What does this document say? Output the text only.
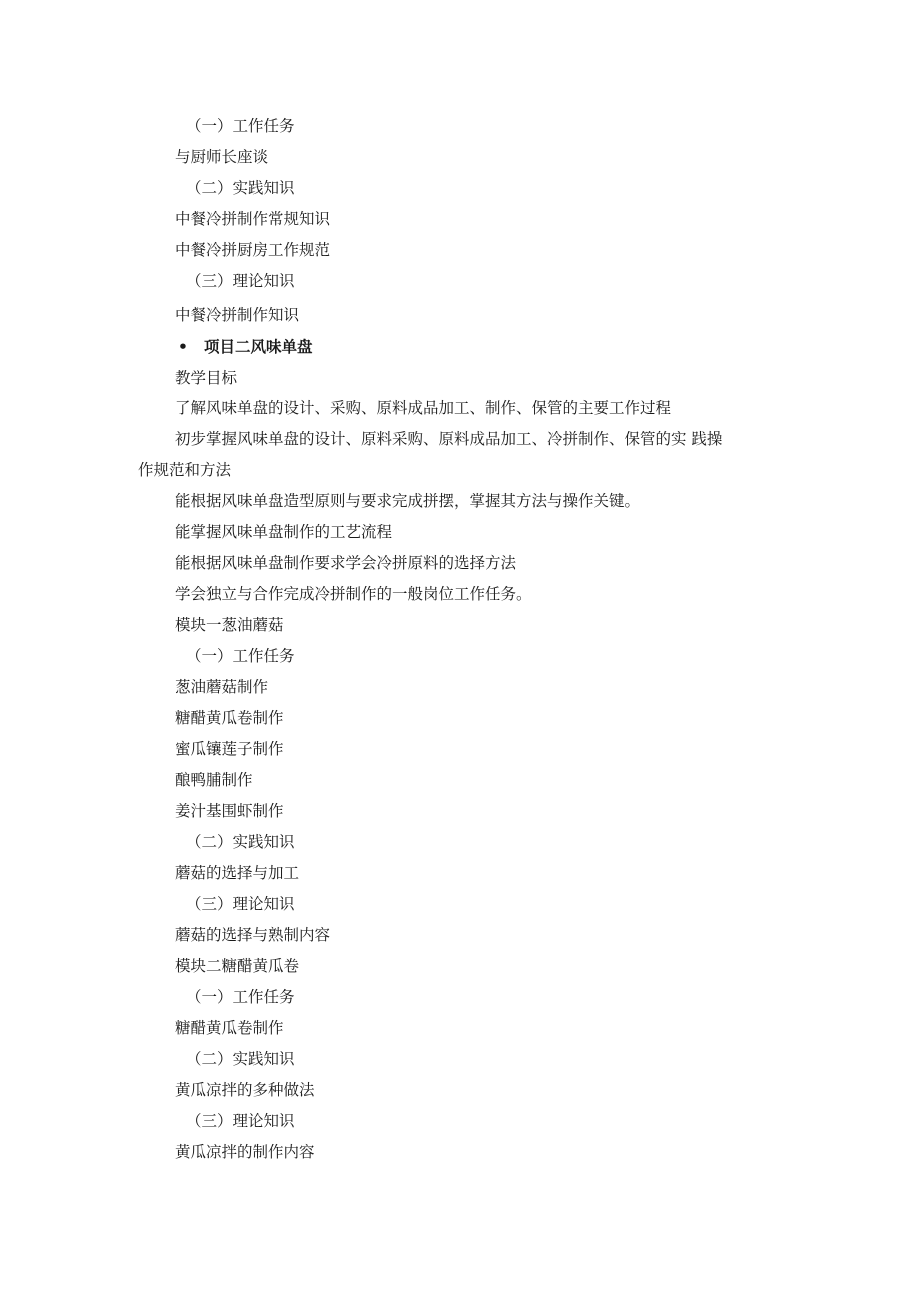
（一）工作任务
与厨师长座谈
（二）实践知识
中餐冷拼制作常规知识
中餐冷拼厨房工作规范
（三）理论知识
中餐冷拼制作知识
• 项目二风味单盘
教学目标
了解风味单盘的设计、采购、原料成品加工、制作、保管的主要工作过程
初步掌握风味单盘的设计、原料采购、原料成品加工、冷拼制作、保管的实 践操
作规范和方法
能根据风味单盘造型原则与要求完成拼摆，掌握其方法与操作关键。
能掌握风味单盘制作的工艺流程
能根据风味单盘制作要求学会冷拼原料的选择方法
学会独立与合作完成冷拼制作的一般岗位工作任务。
模块一葱油蘑菇
（一）工作任务
葱油蘑菇制作
糖醋黄瓜卷制作
蜜瓜镶莲子制作
酿鸭脯制作
姜汁基围虾制作
（二）实践知识
蘑菇的选择与加工
（三）理论知识
蘑菇的选择与熟制内容
模块二糖醋黄瓜卷
（一）工作任务
糖醋黄瓜卷制作
（二）实践知识
黄瓜凉拌的多种做法
（三）理论知识
黄瓜凉拌的制作内容
